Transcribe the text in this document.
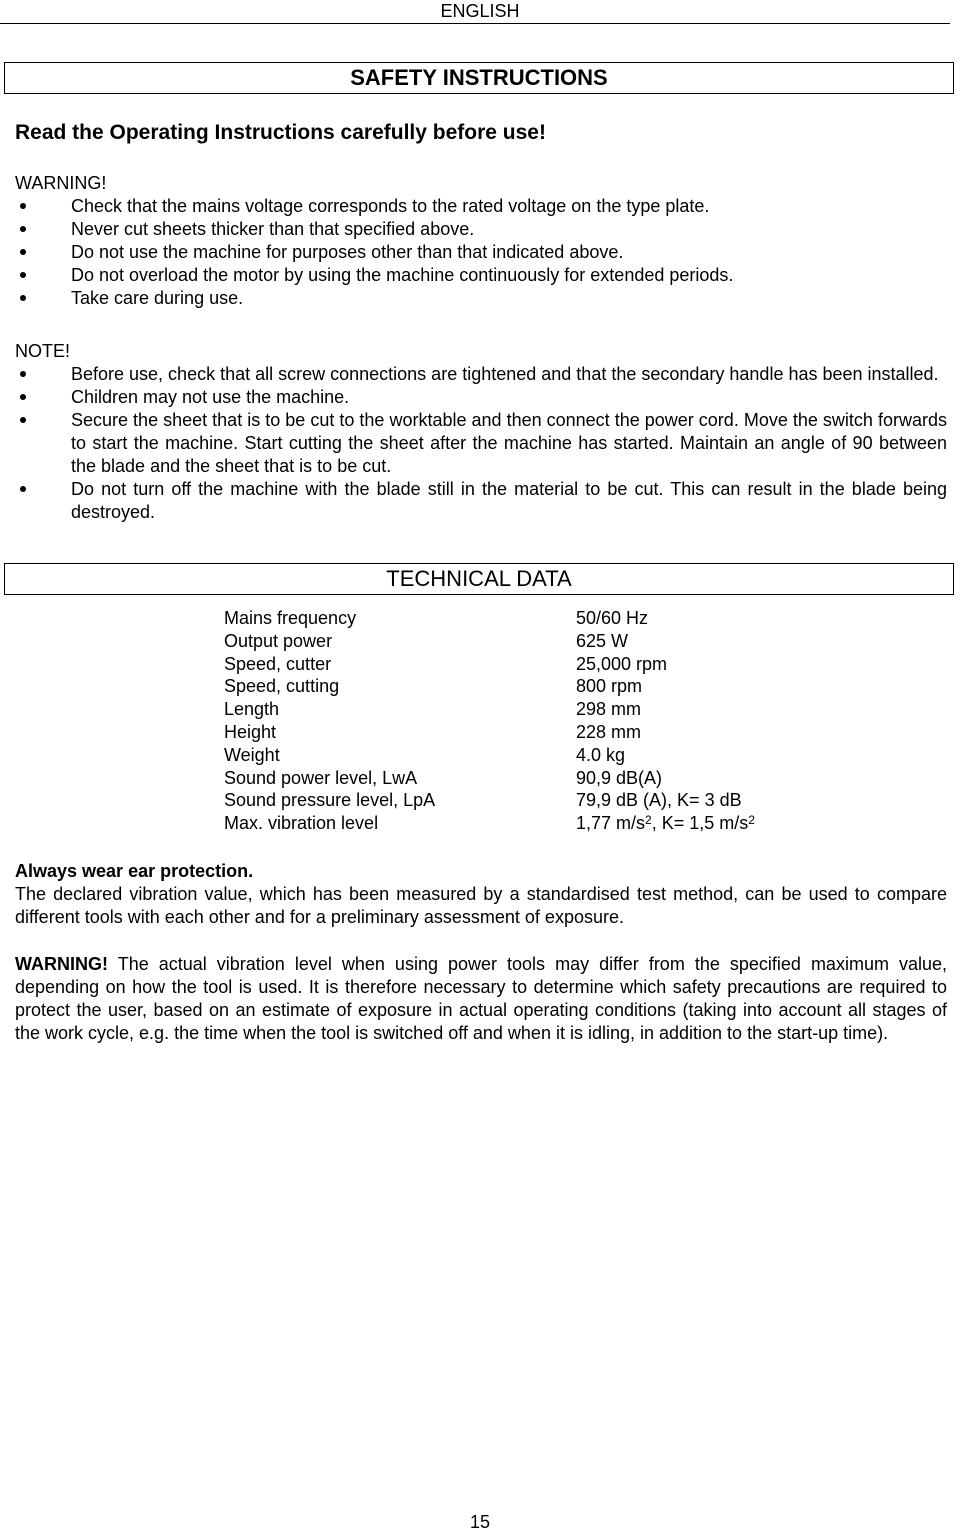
ENGLISH
SAFETY INSTRUCTIONS
Read the Operating Instructions carefully before use!
WARNING!
Check that the mains voltage corresponds to the rated voltage on the type plate.
Never cut sheets thicker than that specified above.
Do not use the machine for purposes other than that indicated above.
Do not overload the motor by using the machine continuously for extended periods.
Take care during use.
NOTE!
Before use, check that all screw connections are tightened and that the secondary handle has been installed.
Children may not use the machine.
Secure the sheet that is to be cut to the worktable and then connect the power cord. Move the switch forwards to start the machine. Start cutting the sheet after the machine has started. Maintain an angle of 90 between the blade and the sheet that is to be cut.
Do not turn off the machine with the blade still in the material to be cut. This can result in the blade being destroyed.
TECHNICAL DATA
Mains frequency	50/60 Hz
Output power	625 W
Speed, cutter	25,000 rpm
Speed, cutting	800 rpm
Length	298 mm
Height	228 mm
Weight	4.0 kg
Sound power level, LwA	90,9 dB(A)
Sound pressure level, LpA	79,9 dB (A), K= 3 dB
Max. vibration level	1,77 $m/s^2$, K= 1,5 $m/s^2$

Always wear ear protection.

The declared vibration value, which has been measured by a standardised test method, can be used to compare different tools with each other and for a preliminary assessment of exposure.

WARNING! The actual vibration level when using power tools may differ from the specified maximum value, depending on how the tool is used. It is therefore necessary to determine which safety precautions are required to protect the user, based on an estimate of exposure in actual operating conditions (taking into account all stages of the work cycle, e.g. the time when the tool is switched off and when it is idling, in addition to the start-up time).

15
